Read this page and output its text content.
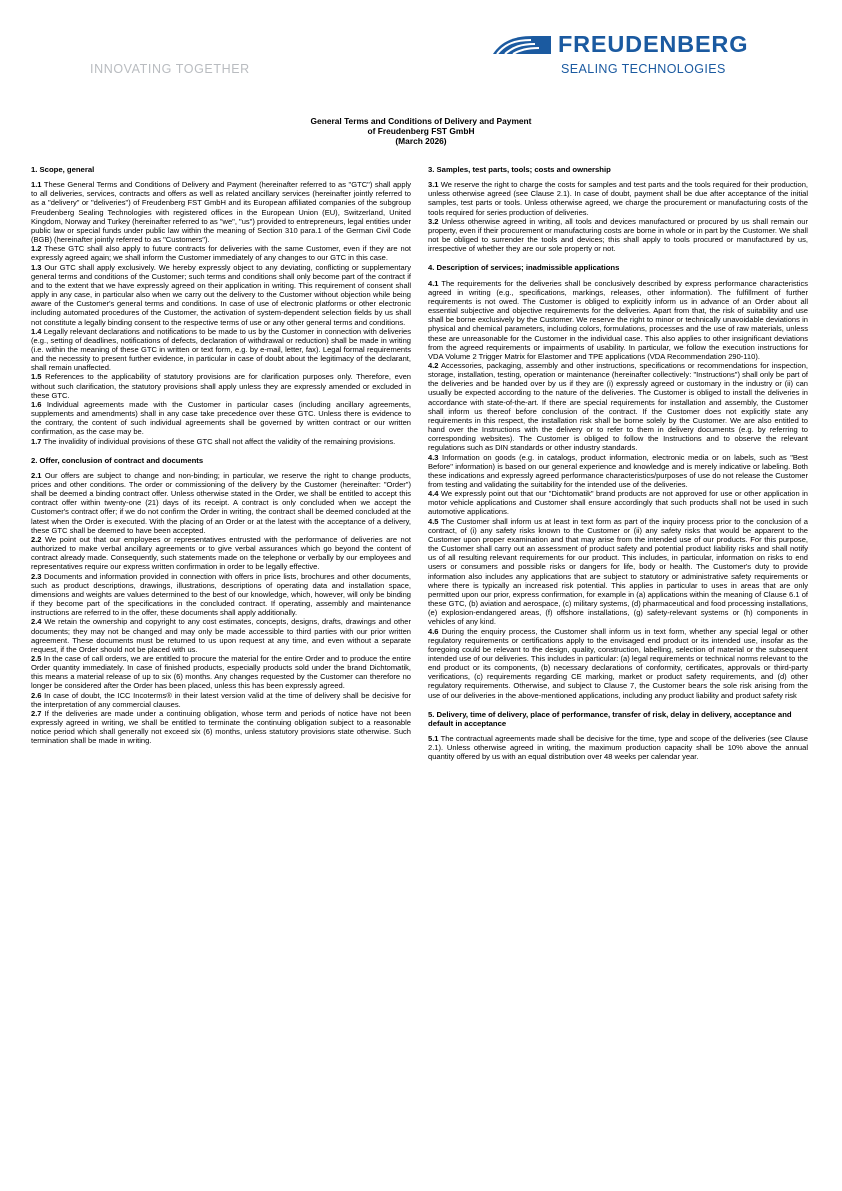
INNOVATING TOGETHER
FREUDENBERG
SEALING TECHNOLOGIES
General Terms and Conditions of Delivery and Payment
of Freudenberg FST GmbH
(March 2026)
1. Scope, general

1.1 These General Terms and Conditions of Delivery and Payment (hereinafter referred to as "GTC") shall apply to all deliveries, services, contracts and offers as well as related ancillary services (hereinafter jointly referred to as a "delivery" or "deliveries") of Freudenberg FST GmbH and its European affiliated companies of the subgroup Freudenberg Sealing Technologies with registered offices in the European Union (EU), Switzerland, United Kingdom, Norway and Turkey (hereinafter referred to as "we", "us") provided to entrepreneurs, legal entities under public law or special funds under public law within the meaning of Section 310 para.1 of the German Civil Code (BGB) (hereinafter jointly referred to as "Customers").

1.2 These GTC shall also apply to future contracts for deliveries with the same Customer, even if they are not expressly agreed again; we shall inform the Customer immediately of any changes to our GTC in this case.

1.3 Our GTC shall apply exclusively. We hereby expressly object to any deviating, conflicting or supplementary general terms and conditions of the Customer; such terms and conditions shall only become part of the contract if and to the extent that we have expressly agreed on their application in writing. This requirement of consent shall apply in any case, in particular also when we carry out the delivery to the Customer without objection while being aware of the Customer's general terms and conditions. In case of use of electronic platforms or other electronic including automated procedures of the Customer, the activation of system-dependent selection fields by us shall not constitute a legally binding consent to the respective terms of use or any other general terms and conditions.

1.4 Legally relevant declarations and notifications to be made to us by the Customer in connection with deliveries (e.g., setting of deadlines, notifications of defects, declaration of withdrawal or reduction) shall be made in writing (i.e. within the meaning of these GTC in written or text form, e.g. by e-mail, letter, fax). Legal formal requirements and the necessity to present further evidence, in particular in case of doubt about the legitimacy of the declarant, shall remain unaffected.

1.5 References to the applicability of statutory provisions are for clarification purposes only. Therefore, even without such clarification, the statutory provisions shall apply unless they are expressly amended or excluded in these GTC.

1.6 Individual agreements made with the Customer in particular cases (including ancillary agreements, supplements and amendments) shall in any case take precedence over these GTC. Unless there is evidence to the contrary, the content of such individual agreements shall be governed by written contract or our written confirmation, as the case may be.

1.7 The invalidity of individual provisions of these GTC shall not affect the validity of the remaining provisions.

2. Offer, conclusion of contract and documents

2.1 Our offers are subject to change and non-binding; in particular, we reserve the right to change products, prices and other conditions. The order or commissioning of the delivery by the Customer (hereinafter: "Order") shall be deemed a binding contract offer. Unless otherwise stated in the Order, we shall be entitled to accept this contract offer within twenty-one (21) days of its receipt. A contract is only concluded when we accept the Customer's contract offer; if we do not confirm the Order in writing, the contract shall be deemed concluded at the latest when the Order is executed. With the placing of an Order or at the latest with the acceptance of a delivery, these GTC shall be deemed to have been accepted.

2.2 We point out that our employees or representatives entrusted with the performance of deliveries are not authorized to make verbal ancillary agreements or to give verbal assurances which go beyond the content of contract already made. Consequently, such statements made on the telephone or verbally by our employees and representatives require our express written confirmation in order to be legally effective.

2.3 Documents and information provided in connection with offers in price lists, brochures and other documents, such as product descriptions, drawings, illustrations, descriptions of operating data and installation space, dimensions and weights are values determined to the best of our knowledge, which, however, will only be binding if they become part of the specifications in the concluded contract. If operating, assembly and maintenance instructions are referred to in the offer, these documents shall apply additionally.

2.4 We retain the ownership and copyright to any cost estimates, concepts, designs, drafts, drawings and other documents; they may not be changed and may only be made accessible to third parties with our prior written agreement. These documents must be returned to us upon request at any time, and even without a separate request, if the Order should not be placed with us.

2.5 In the case of call orders, we are entitled to procure the material for the entire Order and to produce the entire Order quantity immediately. In case of finished products, especially products sold under the brand Dichtomatik, this means a material release of up to six (6) months. Any changes requested by the Customer can therefore no longer be considered after the Order has been placed, unless this has been expressly agreed.

2.6 In case of doubt, the ICC Incoterms® in their latest version valid at the time of delivery shall be decisive for the interpretation of any commercial clauses.

2.7 If the deliveries are made under a continuing obligation, whose term and periods of notice have not been expressly agreed in writing, we shall be entitled to terminate the continuing obligation subject to a reasonable notice period which shall generally not exceed six (6) months, unless statutory provisions state otherwise. Such termination shall be made in writing.

3. Samples, test parts, tools; costs and ownership

3.1 We reserve the right to charge the costs for samples and test parts and the tools required for their production, unless otherwise agreed (see Clause 2.1). In case of doubt, payment shall be due after acceptance of the initial samples, test parts or tools. Unless otherwise agreed, we charge the procurement or manufacturing costs of the tools required for series production of deliveries.

3.2 Unless otherwise agreed in writing, all tools and devices manufactured or procured by us shall remain our property, even if their procurement or manufacturing costs are borne in whole or in part by the Customer. We shall not be obliged to surrender the tools and devices; this shall apply to tools procured or manufactured by us, irrespective of whether they are our sole property or not.

4. Description of services; inadmissible applications

4.1 The requirements for the deliveries shall be conclusively described by express performance characteristics agreed in writing (e.g., specifications, markings, releases, other information). The fulfillment of further requirements is not owed. The Customer is obliged to explicitly inform us in advance of an Order about all essential subjective and objective requirements for the deliveries. Apart from that, the risk of suitability and use shall be borne exclusively by the Customer. We reserve the right to minor or technically unavoidable deviations in physical and chemical parameters, including colors, formulations, processes and the use of raw materials, unless these are unreasonable for the Customer in the individual case. This also applies to other insignificant deviations from the agreed requirements or impairments of usability. In particular, we follow the execution instructions for VDA Volume 2 Trigger Matrix for Elastomer and TPE applications (VDA Recommendation 290-110).

4.2 Accessories, packaging, assembly and other instructions, specifications or recommendations for inspection, storage, installation, testing, operation or maintenance (hereinafter collectively: "Instructions") shall only be part of the deliveries and be handed over by us if they are (i) expressly agreed or customary in the industry or (ii) can usually be expected according to the nature of the deliveries. The Customer is obliged to install the deliveries in accordance with state-of-the-art. If there are special requirements for installation and assembly, the Customer shall inform us thereof before conclusion of the contract. If the Customer does not explicitly state any requirements in this respect, the installation risk shall be borne solely by the Customer. We are also entitled to hand over the Instructions with the delivery or to refer to them in delivery documents (e.g. by referring to corresponding websites). The Customer is obliged to follow the Instructions and to observe the relevant regulations such as DIN standards or other industry standards.

4.3 Information on goods (e.g. in catalogs, product information, electronic media or on labels, such as "Best Before" information) is based on our general experience and knowledge and is merely indicative or labeling. Both these indications and expressly agreed performance characteristics/purposes of use do not release the Customer from testing and validating the suitability for the intended use of the deliveries.

4.4 We expressly point out that our "Dichtomatik" brand products are not approved for use or other application in motor vehicle applications and Customer shall ensure accordingly that such products shall not be used in such automotive applications.

4.5 The Customer shall inform us at least in text form as part of the inquiry process prior to the conclusion of a contract, of (i) any safety risks known to the Customer or (ii) any safety risks that would be apparent to the Customer upon proper examination and that may arise from the intended use of our products. For this purpose, the Customer shall carry out an assessment of product safety and potential product liability risks and shall notify us of all resulting relevant requirements for our product. This includes, in particular, information on risks to end users or consumers and possible risks or dangers for life, body or health. The Customer's duty to provide information also includes any applications that are subject to statutory or administrative safety requirements or where there is typically an increased risk potential. This applies in particular to uses in areas that are only permitted upon our prior, express confirmation, for example in (a) applications within the meaning of Clause 6.1 of these GTC, (b) aviation and aerospace, (c) military systems, (d) pharmaceutical and food processing installations, (e) explosion-endangered areas, (f) offshore installations, (g) safety-relevant systems or (h) components in vehicles of any kind.

4.6 During the enquiry process, the Customer shall inform us in text form, whether any special legal or other regulatory requirements or certifications apply to the envisaged end product or its intended use, insofar as the foregoing could be relevant to the design, quality, construction, labelling, selection of material or the subsequent intended use of our deliveries. This includes in particular: (a) legal requirements or technical norms relevant to the end product or its components, (b) necessary declarations of conformity, certificates, approvals or third-party verifications, (c) requirements regarding CE marking, market or product safety requirements, and (d) other regulatory requirements. Otherwise, and subject to Clause 7, the Customer bears the sole risk arising from the use of our deliveries in the above-mentioned applications, including any product liability and product safety risk

5. Delivery, time of delivery, place of performance, transfer of risk, delay in delivery, acceptance and default in acceptance

5.1 The contractual agreements made shall be decisive for the time, type and scope of the deliveries (see Clause 2.1). Unless otherwise agreed in writing, the maximum production capacity shall be 10% above the annual quantity offered by us with an equal distribution over 48 weeks per calendar year.
